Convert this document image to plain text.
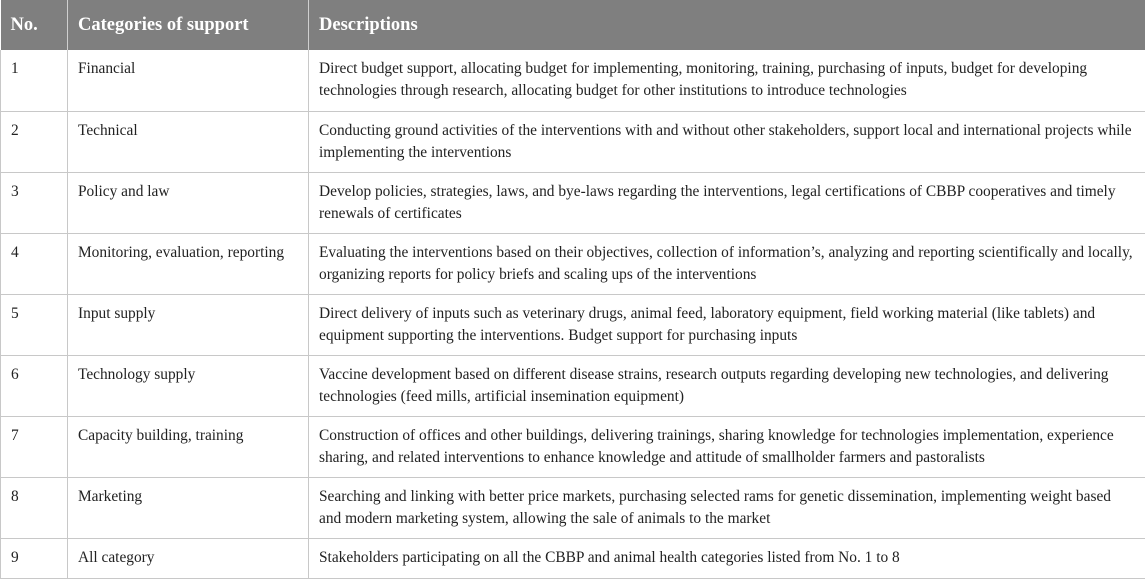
No.	Categories of support	Descriptions
1	Financial	Direct budget support, allocating budget for implementing, monitoring, training, purchasing of inputs, budget for developing technologies through research, allocating budget for other institutions to introduce technologies
2	Technical	Conducting ground activities of the interventions with and without other stakeholders, support local and international projects while implementing the interventions
3	Policy and law	Develop policies, strategies, laws, and bye-laws regarding the interventions, legal certifications of CBBP cooperatives and timely renewals of certificates
4	Monitoring, evaluation, reporting	Evaluating the interventions based on their objectives, collection of information’s, analyzing and reporting scientifically and locally, organizing reports for policy briefs and scaling ups of the interventions
5	Input supply	Direct delivery of inputs such as veterinary drugs, animal feed, laboratory equipment, field working material (like tablets) and equipment supporting the interventions. Budget support for purchasing inputs
6	Technology supply	Vaccine development based on different disease strains, research outputs regarding developing new technologies, and delivering technologies (feed mills, artificial insemination equipment)
7	Capacity building, training	Construction of offices and other buildings, delivering trainings, sharing knowledge for technologies implementation, experience sharing, and related interventions to enhance knowledge and attitude of smallholder farmers and pastoralists
8	Marketing	Searching and linking with better price markets, purchasing selected rams for genetic dissemination, implementing weight based and modern marketing system, allowing the sale of animals to the market
9	All category	Stakeholders participating on all the CBBP and animal health categories listed from No. 1 to 8
